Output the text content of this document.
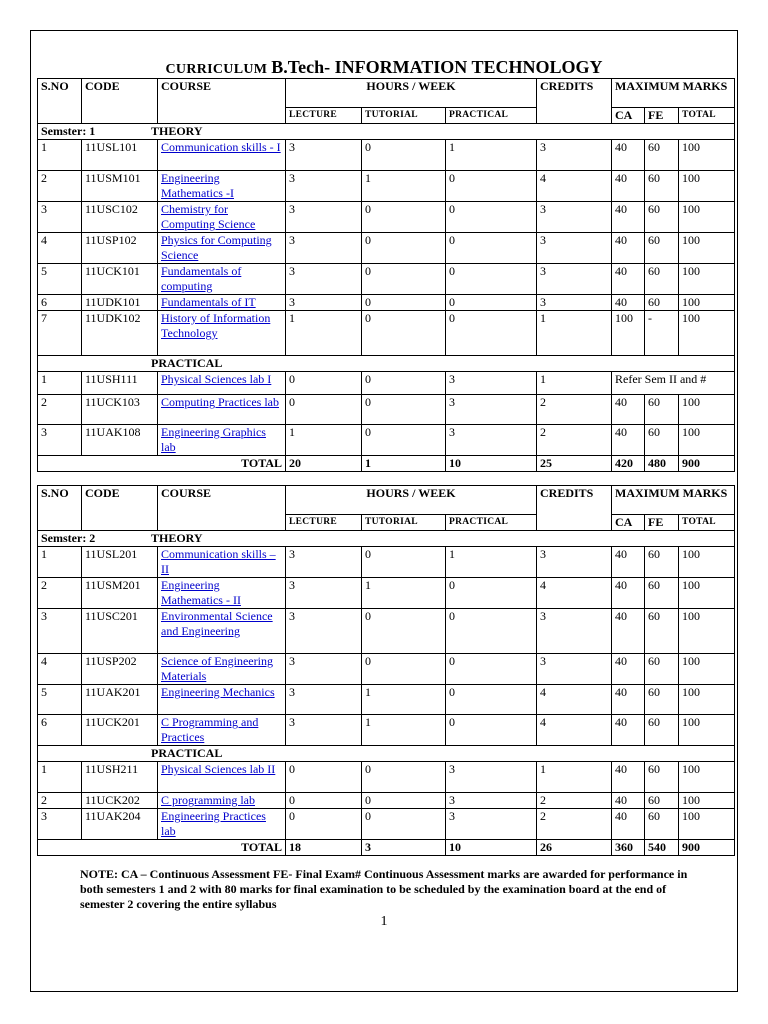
CURRICULUM B.Tech- INFORMATION TECHNOLOGY
S.NO	CODE	COURSE	HOURS / WEEK			CREDITS	MAXIMUM MARKS		
			LECTURE	TUTORIAL	PRACTICAL		CA	FE	TOTAL
Semster: 1 THEORY									
1	11USL101	Communication skills - I	3	0	1	3	40	60	100
2	11USM101	Engineering Mathematics -I	3	1	0	4	40	60	100
3	11USC102	Chemistry for Computing Science	3	0	0	3	40	60	100
4	11USP102	Physics for Computing Science	3	0	0	3	40	60	100
5	11UCK101	Fundamentals of computing	3	0	0	3	40	60	100
6	11UDK101	Fundamentals of IT	3	0	0	3	40	60	100
7	11UDK102	History of Information Technology	1	0	0	1	100	-	100
PRACTICAL									
1	11USH111	Physical Sciences lab I	0	0	3	1	Refer Sem II and #		
2	11UCK103	Computing Practices lab	0	0	3	2	40	60	100
3	11UAK108	Engineering Graphics lab	1	0	3	2	40	60	100
TOTAL			20	1	10	25	420	480	900
S.NO	CODE	COURSE	HOURS / WEEK			CREDITS	MAXIMUM MARKS		
			LECTURE	TUTORIAL	PRACTICAL		CA	FE	TOTAL
Semster: 2 THEORY									
1	11USL201	Communication skills – II	3	0	1	3	40	60	100
2	11USM201	Engineering Mathematics - II	3	1	0	4	40	60	100
3	11USC201	Environmental Science and Engineering	3	0	0	3	40	60	100
4	11USP202	Science of Engineering Materials	3	0	0	3	40	60	100
5	11UAK201	Engineering Mechanics	3	1	0	4	40	60	100
6	11UCK201	C Programming and Practices	3	1	0	4	40	60	100
PRACTICAL									
1	11USH211	Physical Sciences lab II	0	0	3	1	40	60	100
2	11UCK202	C programming lab	0	0	3	2	40	60	100
3	11UAK204	Engineering Practices lab	0	0	3	2	40	60	100
TOTAL			18	3	10	26	360	540	900
NOTE: CA – Continuous Assessment FE- Final Exam# Continuous Assessment marks are awarded for performance in both semesters 1 and 2 with 80 marks for final examination to be scheduled by the examination board at the end of semester 2 covering the entire syllabus
1
